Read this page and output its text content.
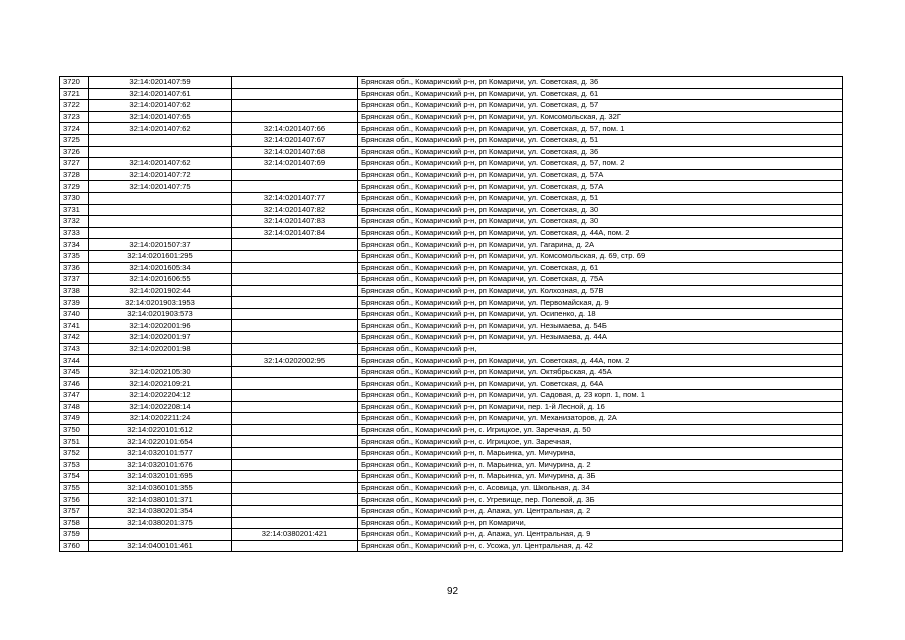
3720	32:14:0201407:59		Брянская обл., Комаричский р-н, рп Комаричи, ул. Советская, д. 36
3721	32:14:0201407:61		Брянская обл., Комаричский р-н, рп Комаричи, ул. Советская, д. 61
3722	32:14:0201407:62		Брянская обл., Комаричский р-н, рп Комаричи, ул. Советская, д. 57
3723	32:14:0201407:65		Брянская обл., Комаричский р-н, рп Комаричи, ул. Комсомольская, д. 32Г
3724	32:14:0201407:62	32:14:0201407:66	Брянская обл., Комаричский р-н, рп Комаричи, ул. Советская, д. 57, пом. 1
3725		32:14:0201407:67	Брянская обл., Комаричский р-н, рп Комаричи, ул. Советская, д. 51
3726		32:14:0201407:68	Брянская обл., Комаричский р-н, рп Комаричи, ул. Советская, д. 36
3727	32:14:0201407:62	32:14:0201407:69	Брянская обл., Комаричский р-н, рп Комаричи, ул. Советская, д. 57, пом. 2
3728	32:14:0201407:72		Брянская обл., Комаричский р-н, рп Комаричи, ул. Советская, д. 57А
3729	32:14:0201407:75		Брянская обл., Комаричский р-н, рп Комаричи, ул. Советская, д. 57А
3730		32:14:0201407:77	Брянская обл., Комаричский р-н, рп Комаричи, ул. Советская, д. 51
3731		32:14:0201407:82	Брянская обл., Комаричский р-н, рп Комаричи, ул. Советская, д. 30
3732		32:14:0201407:83	Брянская обл., Комаричский р-н, рп Комаричи, ул. Советская, д. 30
3733		32:14:0201407:84	Брянская обл., Комаричский р-н, рп Комаричи, ул. Советская, д. 44А, пом. 2
3734	32:14:0201507:37		Брянская обл., Комаричский р-н, рп Комаричи, ул. Гагарина, д. 2А
3735	32:14:0201601:295		Брянская обл., Комаричский р-н, рп Комаричи, ул. Комсомольская, д. 69, стр. 69
3736	32:14:0201605:34		Брянская обл., Комаричский р-н, рп Комаричи, ул. Советская, д. 61
3737	32:14:0201606:55		Брянская обл., Комаричский р-н, рп Комаричи, ул. Советская, д. 75А
3738	32:14:0201902:44		Брянская обл., Комаричский р-н, рп Комаричи, ул. Колхозная, д. 57В
3739	32:14:0201903:1953		Брянская обл., Комаричский р-н, рп Комаричи, ул. Первомайская, д. 9
3740	32:14:0201903:573		Брянская обл., Комаричский р-н, рп Комаричи, ул. Осипенко, д. 18
3741	32:14:0202001:96		Брянская обл., Комаричский р-н, рп Комаричи, ул. Незымаева, д. 54Б
3742	32:14:0202001:97		Брянская обл., Комаричский р-н, рп Комаричи, ул. Незымаева, д. 44А
3743	32:14:0202001:98		Брянская обл., Комаричский р-н,
3744		32:14:0202002:95	Брянская обл., Комаричский р-н, рп Комаричи, ул. Советская, д. 44А, пом. 2
3745	32:14:0202105:30		Брянская обл., Комаричский р-н, рп Комаричи, ул. Октябрьская, д. 45А
3746	32:14:0202109:21		Брянская обл., Комаричский р-н, рп Комаричи, ул. Советская, д. 64А
3747	32:14:0202204:12		Брянская обл., Комаричский р-н, рп Комаричи, ул. Садовая, д. 23 корп. 1, пом. 1
3748	32:14:0202208:14		Брянская обл., Комаричский р-н, рп Комаричи, пер. 1-й Лесной, д. 16
3749	32:14:0202211:24		Брянская обл., Комаричский р-н, рп Комаричи, ул. Механизаторов, д. 2А
3750	32:14:0220101:612		Брянская обл., Комаричский р-н, с. Игрицкое, ул. Заречная, д. 50
3751	32:14:0220101:654		Брянская обл., Комаричский р-н, с. Игрицкое, ул. Заречная,
3752	32:14:0320101:577		Брянская обл., Комаричский р-н, п. Марьинка, ул. Мичурина,
3753	32:14:0320101:676		Брянская обл., Комаричский р-н, п. Марьинка, ул. Мичурина, д. 2
3754	32:14:0320101:695		Брянская обл., Комаричский р-н, п. Марьинка, ул. Мичурина, д. 3Б
3755	32:14:0360101:355		Брянская обл., Комаричский р-н, с. Асовица, ул. Школьная, д. 34
3756	32:14:0380101:371		Брянская обл., Комаричский р-н, с. Угревище, пер. Полевой, д. 3Б
3757	32:14:0380201:354		Брянская обл., Комаричский р-н, д. Апажа, ул. Центральная, д. 2
3758	32:14:0380201:375		Брянская обл., Комаричский р-н, рп Комаричи,
3759		32:14:0380201:421	Брянская обл., Комаричский р-н, д. Апажа, ул. Центральная, д. 9
3760	32:14:0400101:461		Брянская обл., Комаричский р-н, с. Усожа, ул. Центральная, д. 42
92
